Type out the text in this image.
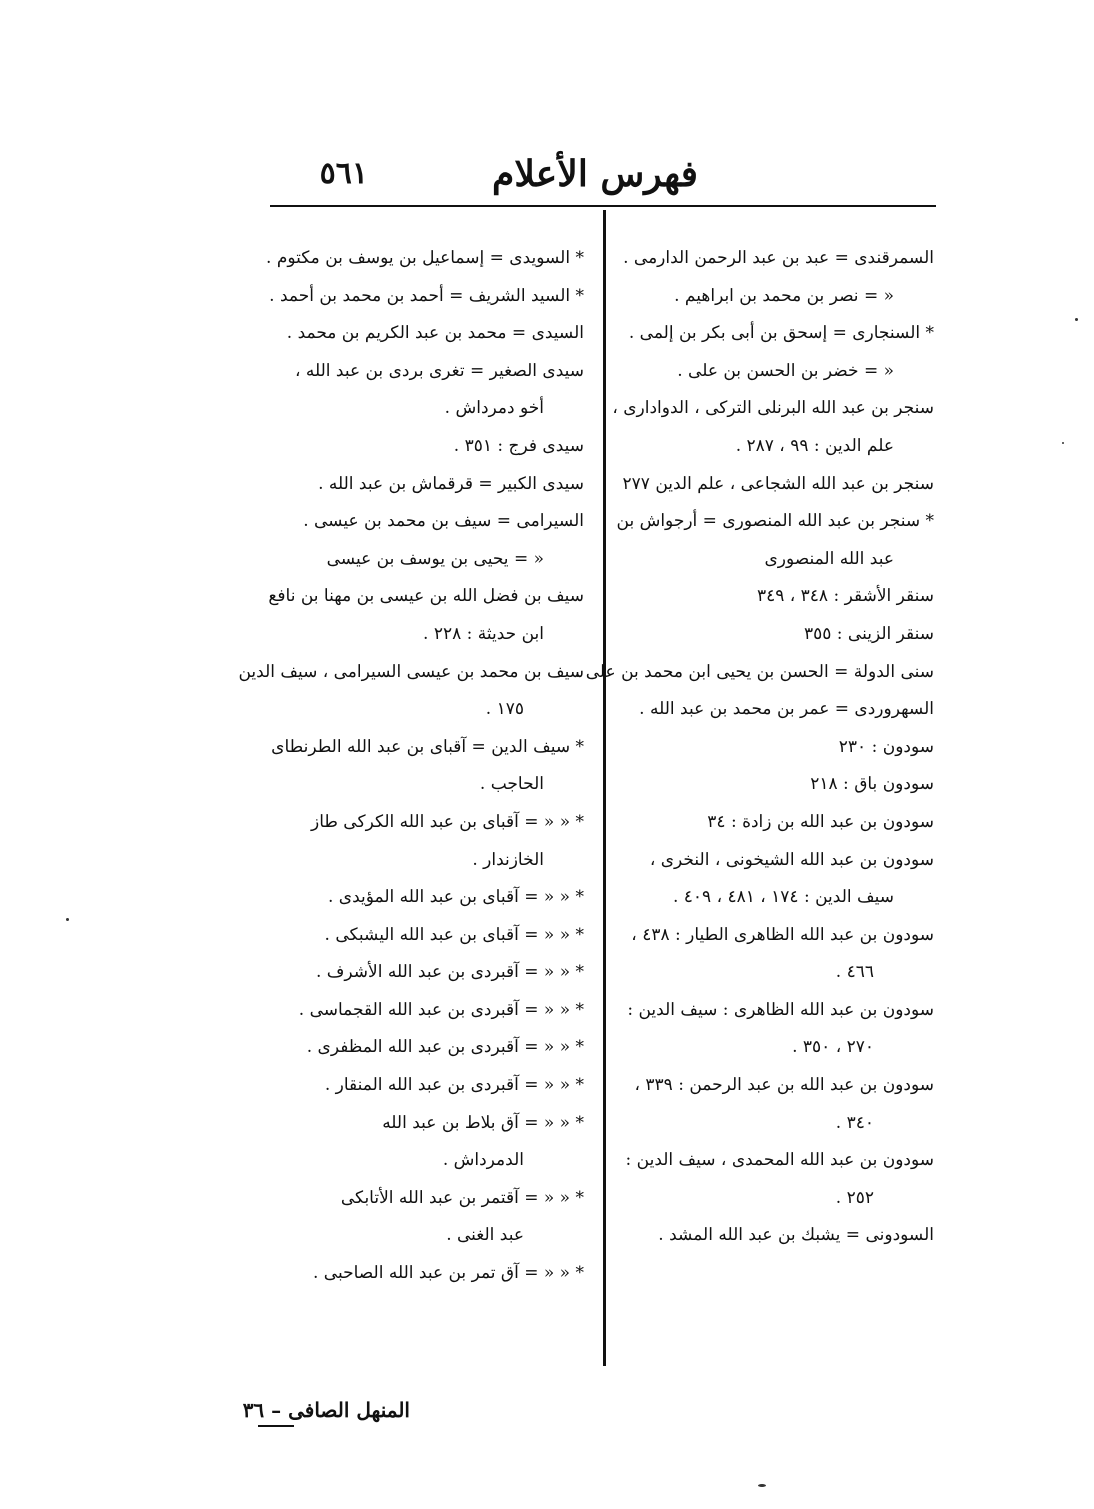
فهرس الأعلام
٥٦١
السمرقندى = عبد بن عبد الرحمن الدارمى .
« = نصر بن محمد بن ابراهيم .
* السنجارى = إسحق بن أبى بكر بن إلمى .
« = خضر بن الحسن بن على .
سنجر بن عبد الله البرنلى التركى ، الدوادارى ،
علم الدين : ٩٩ ، ٢٨٧ .
سنجر بن عبد الله الشجاعى ، علم الدين ٢٧٧
* سنجر بن عبد الله المنصورى = أرجواش بن
عبد الله المنصورى
سنقر الأشقر : ٣٤٨ ، ٣٤٩
سنقر الزينى : ٣٥٥
سنى الدولة = الحسن بن يحيى ابن محمد بن على .
السهروردى = عمر بن محمد بن عبد الله .
سودون : ٢٣٠
سودون باق : ٢١٨
سودون بن عبد الله بن زادة : ٣٤
سودون بن عبد الله الشيخونى ، النخرى ،
سيف الدين : ١٧٤ ، ٤٨١ ، ٤٠٩ .
سودون بن عبد الله الظاهرى الطيار : ٤٣٨ ،
٤٦٦ .
سودون بن عبد الله الظاهرى : سيف الدين :
٢٧٠ ، ٣٥٠ .
سودون بن عبد الله بن عبد الرحمن : ٣٣٩ ،
٣٤٠ .
سودون بن عبد الله المحمدى ، سيف الدين :
٢٥٢ .
السودونى = يشبك بن عبد الله المشد .
* السويدى = إسماعيل بن يوسف بن مكتوم .
* السيد الشريف = أحمد بن محمد بن أحمد .
السيدى = محمد بن عبد الكريم بن محمد .
سيدى الصغير = تغرى بردى بن عبد الله ،
أخو دمرداش .
سيدى فرج : ٣٥١ .
سيدى الكبير = قرقماش بن عبد الله .
السيرامى = سيف بن محمد بن عيسى .
« = يحيى بن يوسف بن عيسى
سيف بن فضل الله بن عيسى بن مهنا بن نافع
ابن حديثة : ٢٢٨ .
سيف بن محمد بن عيسى السيرامى ، سيف الدين
١٧٥ .
* سيف الدين = آقباى بن عبد الله الطرنطاى
الحاجب .
* « « = آقباى بن عبد الله الكركى طاز
الخازندار .
* « « = آقباى بن عبد الله المؤيدى .
* « « = آقباى بن عبد الله اليشبكى .
* « « = آقبردى بن عبد الله الأشرف .
* « « = آقبردى بن عبد الله القجماسى .
* « « = آقبردى بن عبد الله المظفرى .
* « « = آقبردى بن عبد الله المنقار .
* « « = آق بلاط بن عبد الله
الدمرداش .
* « « = آقتمر بن عبد الله الأتابكى
عبد الغنى .
* « « = آق تمر بن عبد الله الصاحبى .
المنهل الصافى – ٣٦
